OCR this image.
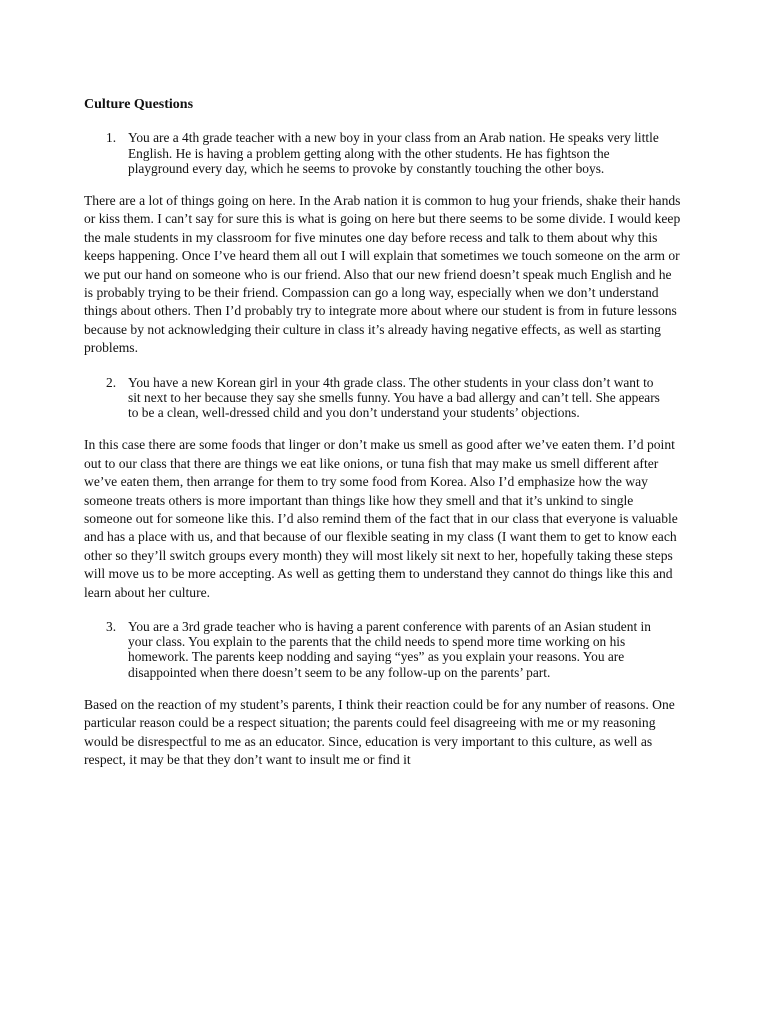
Culture Questions
1. You are a 4th grade teacher with a new boy in your class from an Arab nation. He speaks very little English. He is having a problem getting along with the other students. He has fightson the playground every day, which he seems to provoke by constantly touching the other boys.

There are a lot of things going on here. In the Arab nation it is common to hug your friends, shake their hands or kiss them. I can’t say for sure this is what is going on here but there seems to be some divide. I would keep the male students in my classroom for five minutes one day before recess and talk to them about why this keeps happening. Once I’ve heard them all out I will explain that sometimes we touch someone on the arm or we put our hand on someone who is our friend. Also that our new friend doesn’t speak much English and he is probably trying to be their friend. Compassion can go a long way, especially when we don’t understand things about others. Then I’d probably try to integrate more about where our student is from in future lessons because by not acknowledging their culture in class it’s already having negative effects, as well as starting problems.

2. You have a new Korean girl in your 4th grade class. The other students in your class don’t want to sit next to her because they say she smells funny. You have a bad allergy and can’t tell. She appears to be a clean, well-dressed child and you don’t understand your students’ objections.

In this case there are some foods that linger or don’t make us smell as good after we’ve eaten them. I’d point out to our class that there are things we eat like onions, or tuna fish that may make us smell different after we’ve eaten them, then arrange for them to try some food from Korea. Also I’d emphasize how the way someone treats others is more important than things like how they smell and that it’s unkind to single someone out for someone like this. I’d also remind them of the fact that in our class that everyone is valuable and has a place with us, and that because of our flexible seating in my class (I want them to get to know each other so they’ll switch groups every month) they will most likely sit next to her, hopefully taking these steps will move us to be more accepting. As well as getting them to understand they cannot do things like this and learn about her culture.

3. You are a 3rd grade teacher who is having a parent conference with parents of an Asian student in your class. You explain to the parents that the child needs to spend more time working on his homework. The parents keep nodding and saying “yes” as you explain your reasons. You are disappointed when there doesn’t seem to be any follow-up on the parents’ part.

Based on the reaction of my student’s parents, I think their reaction could be for any number of reasons. One particular reason could be a respect situation; the parents could feel disagreeing with me or my reasoning would be disrespectful to me as an educator. Since, education is very important to this culture, as well as respect, it may be that they don’t want to insult me or find it
